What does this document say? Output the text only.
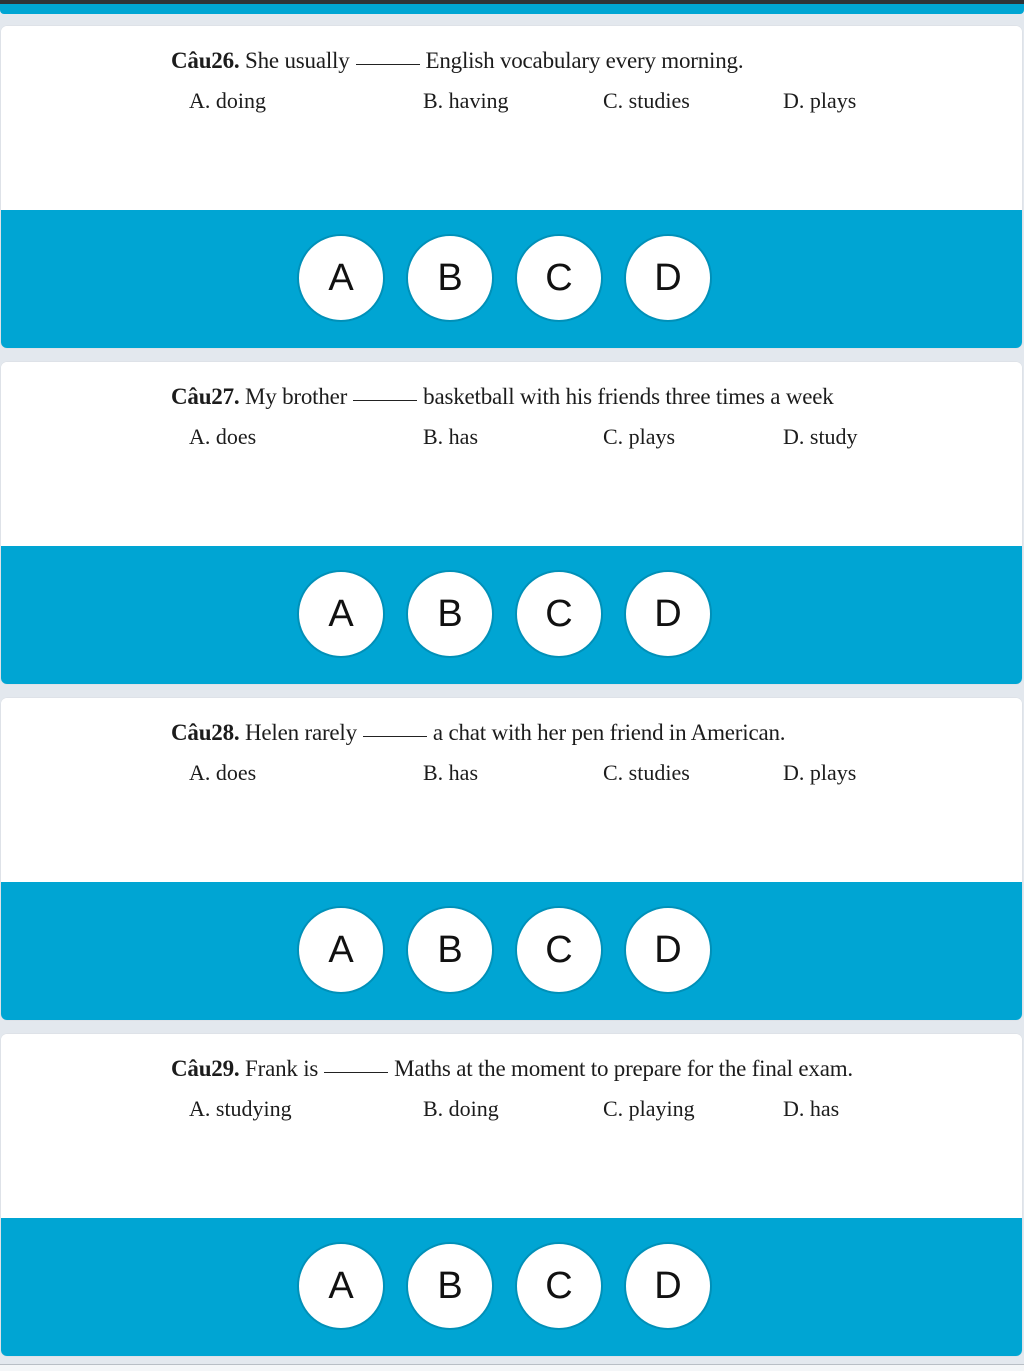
Câu26. She usually	English vocabulary every morning.
A. doing	B. having	C. studies	D. plays
A	B	C	D
Câu27. My brother	basketball with his friends three times a week
A. does	B. has	C. plays	D. study
A	B	C	D
Câu28. Helen rarely	a chat with her pen friend in American.
A. does	B. has	C. studies	D. plays
A	B	C	D
Câu29. Frank is	Maths at the moment to prepare for the final exam.
A. studying	B. doing	C. playing	D. has
A	B	C	D
